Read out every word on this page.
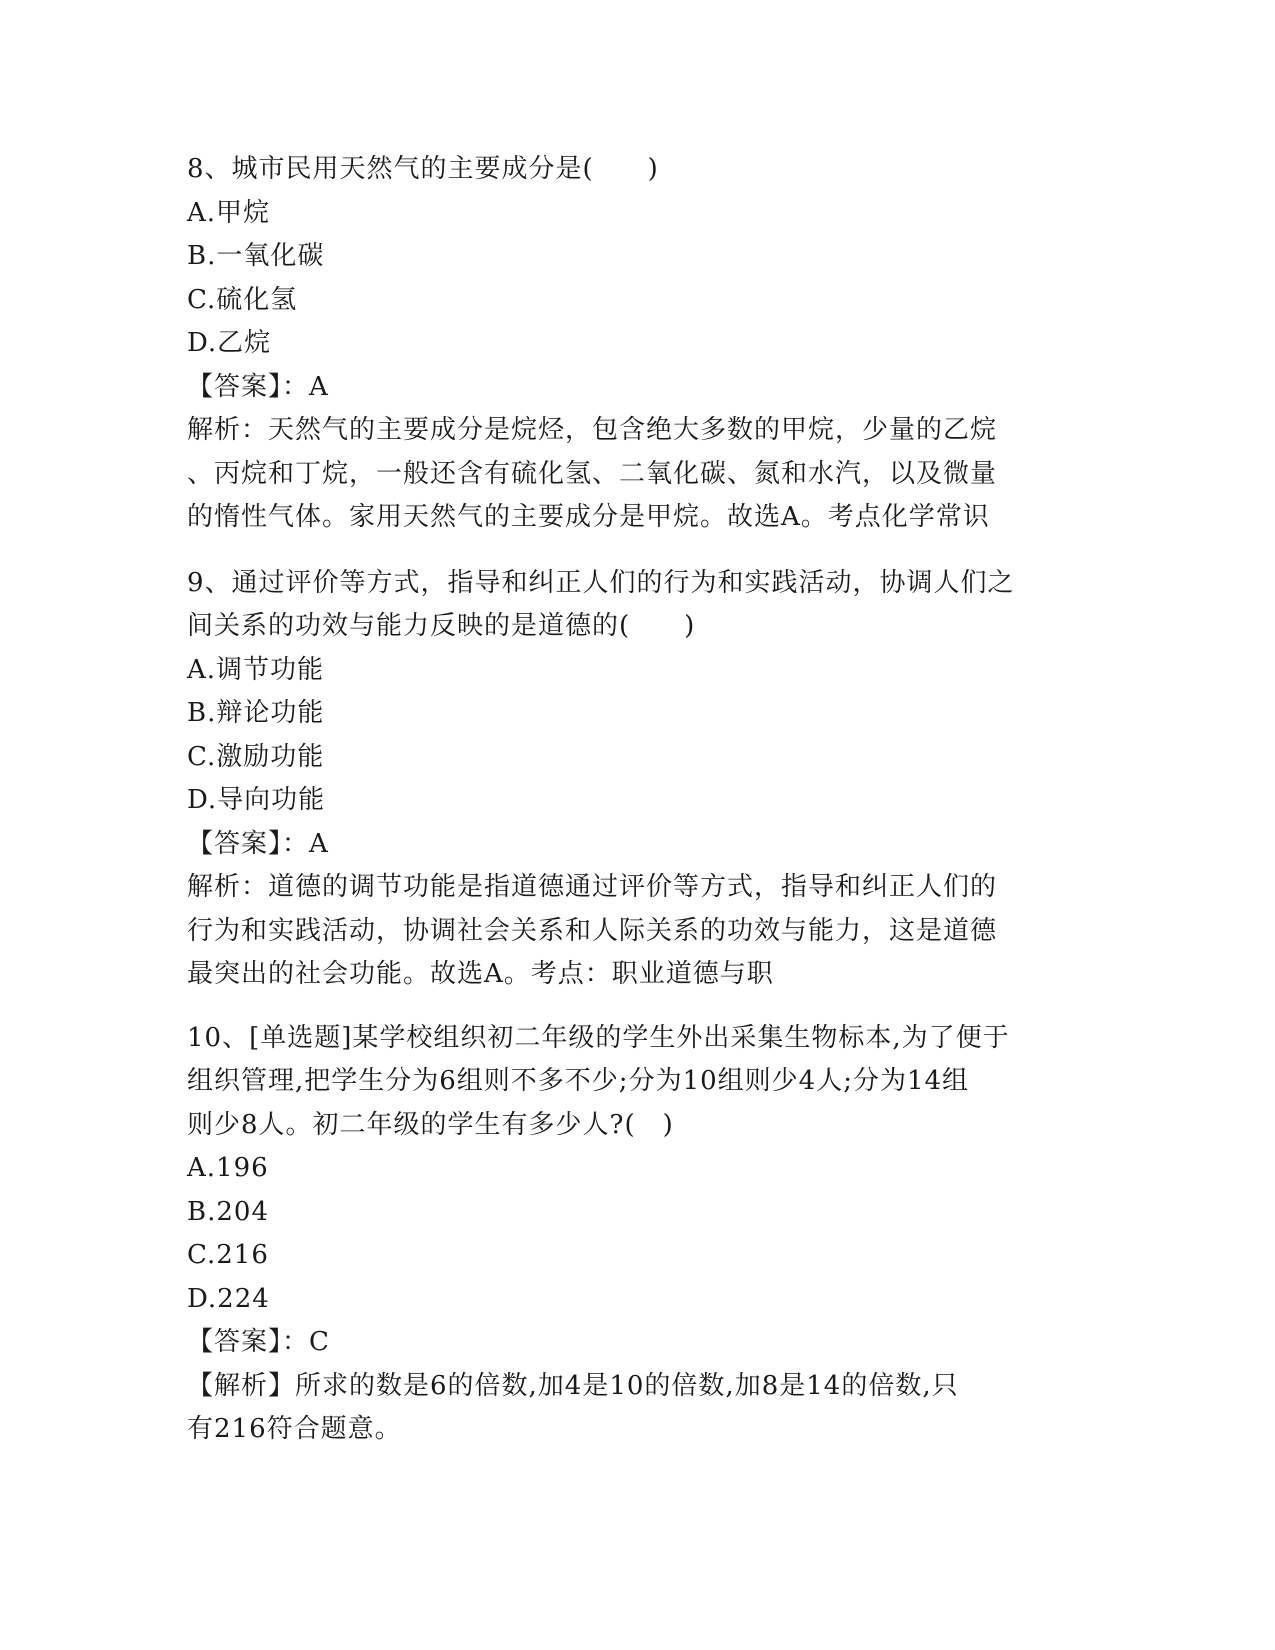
8、城市民用天然气的主要成分是(　　)
A.甲烷
B.一氧化碳
C.硫化氢
D.乙烷
【答案】：A
解析：天然气的主要成分是烷烃，包含绝大多数的甲烷，少量的乙烷
、丙烷和丁烷，一般还含有硫化氢、二氧化碳、氮和水汽，以及微量
的惰性气体。家用天然气的主要成分是甲烷。故选A。考点化学常识
9、通过评价等方式，指导和纠正人们的行为和实践活动，协调人们之
间关系的功效与能力反映的是道德的(　　)
A.调节功能
B.辩论功能
C.激励功能
D.导向功能
【答案】：A
解析：道德的调节功能是指道德通过评价等方式，指导和纠正人们的
行为和实践活动，协调社会关系和人际关系的功效与能力，这是道德
最突出的社会功能。故选A。考点：职业道德与职
10、[单选题]某学校组织初二年级的学生外出采集生物标本,为了便于
组织管理,把学生分为6组则不多不少;分为10组则少4人;分为14组
则少8人。初二年级的学生有多少人?(　)
A.196
B.204
C.216
D.224
【答案】：C
【解析】所求的数是6的倍数,加4是10的倍数,加8是14的倍数,只
有216符合题意。
